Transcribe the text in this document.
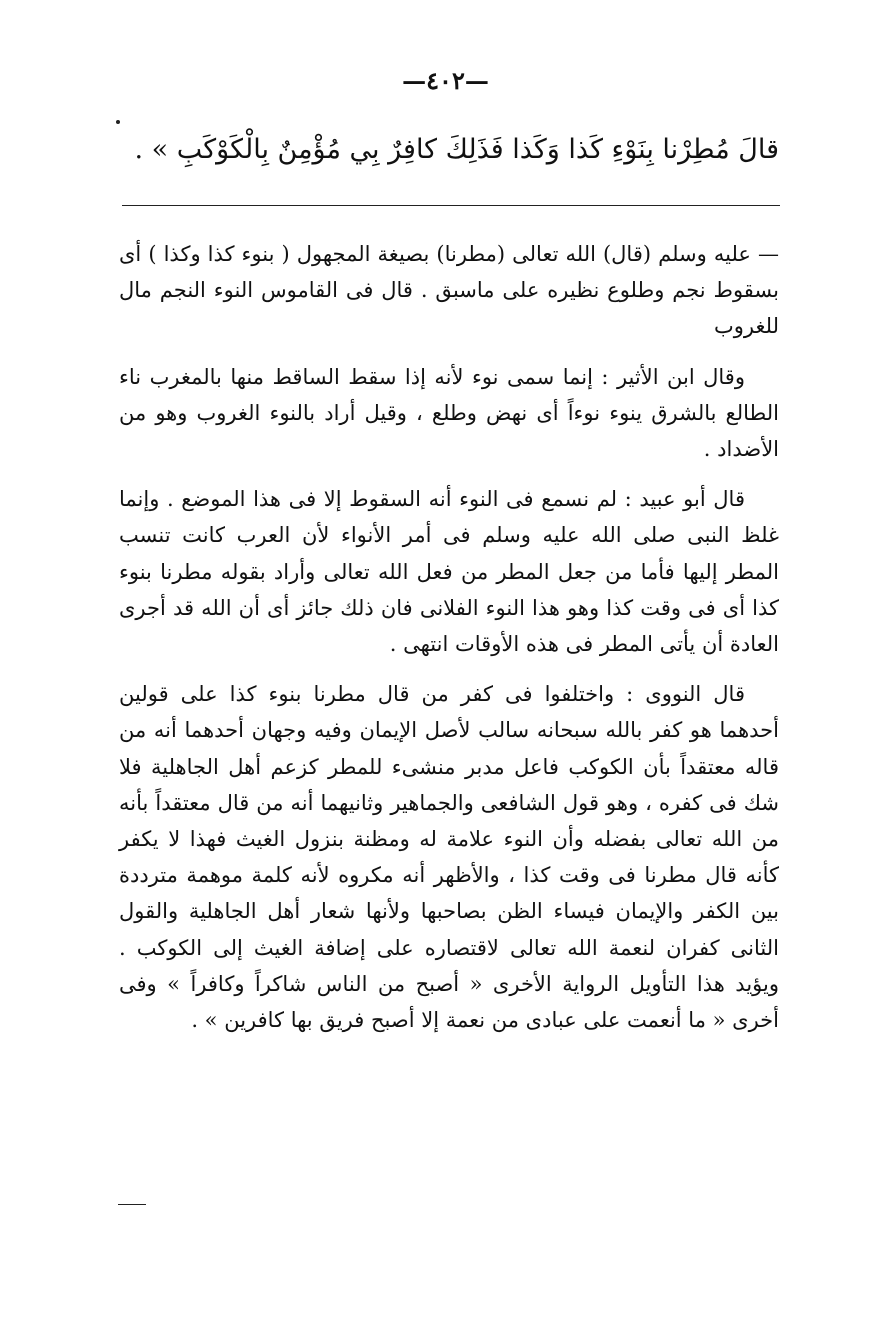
—٤٠٢—
قالَ مُطِرْنا بِنَوْءِ كَذا وَكَذا فَذَلِكَ كافِرٌ بِي مُؤْمِنٌ بِالْكَوْكَبِ » .

— عليه وسلم (قال) الله تعالى (مطرنا) بصيغة المجهول ( بنوء كذا وكذا ) أى بسقوط نجم وطلوع نظيره على ماسبق . قال فى القاموس النوء النجم مال للغروب

وقال ابن الأثير : إنما سمى نوء لأنه إذا سقط الساقط منها بالمغرب ناء الطالع بالشرق ينوء نوءاً أى نهض وطلع ، وقيل أراد بالنوء الغروب وهو من الأضداد .

قال أبو عبيد : لم نسمع فى النوء أنه السقوط إلا فى هذا الموضع . وإنما غلظ النبى صلى الله عليه وسلم فى أمر الأنواء لأن العرب كانت تنسب المطر إليها فأما من جعل المطر من فعل الله تعالى وأراد بقوله مطرنا بنوء كذا أى فى وقت كذا وهو هذا النوء الفلانى فان ذلك جائز أى أن الله قد أجرى العادة أن يأتى المطر فى هذه الأوقات انتهى .

قال النووى : واختلفوا فى كفر من قال مطرنا بنوء كذا على قولين أحدهما هو كفر بالله سبحانه سالب لأصل الإيمان وفيه وجهان أحدهما أنه من قاله معتقداً بأن الكوكب فاعل مدبر منشىء للمطر كزعم أهل الجاهلية فلا شك فى كفره ، وهو قول الشافعى والجماهير وثانيهما أنه من قال معتقداً بأنه من الله تعالى بفضله وأن النوء علامة له ومظنة بنزول الغيث فهذا لا يكفر كأنه قال مطرنا فى وقت كذا ، والأظهر أنه مكروه لأنه كلمة موهمة مترددة بين الكفر والإيمان فيساء الظن بصاحبها ولأنها شعار أهل الجاهلية والقول الثانى كفران لنعمة الله تعالى لاقتصاره على إضافة الغيث إلى الكوكب . ويؤيد هذا التأويل الرواية الأخرى « أصبح من الناس شاكراً وكافراً » وفى أخرى « ما أنعمت على عبادى من نعمة إلا أصبح فريق بها كافرين » .
